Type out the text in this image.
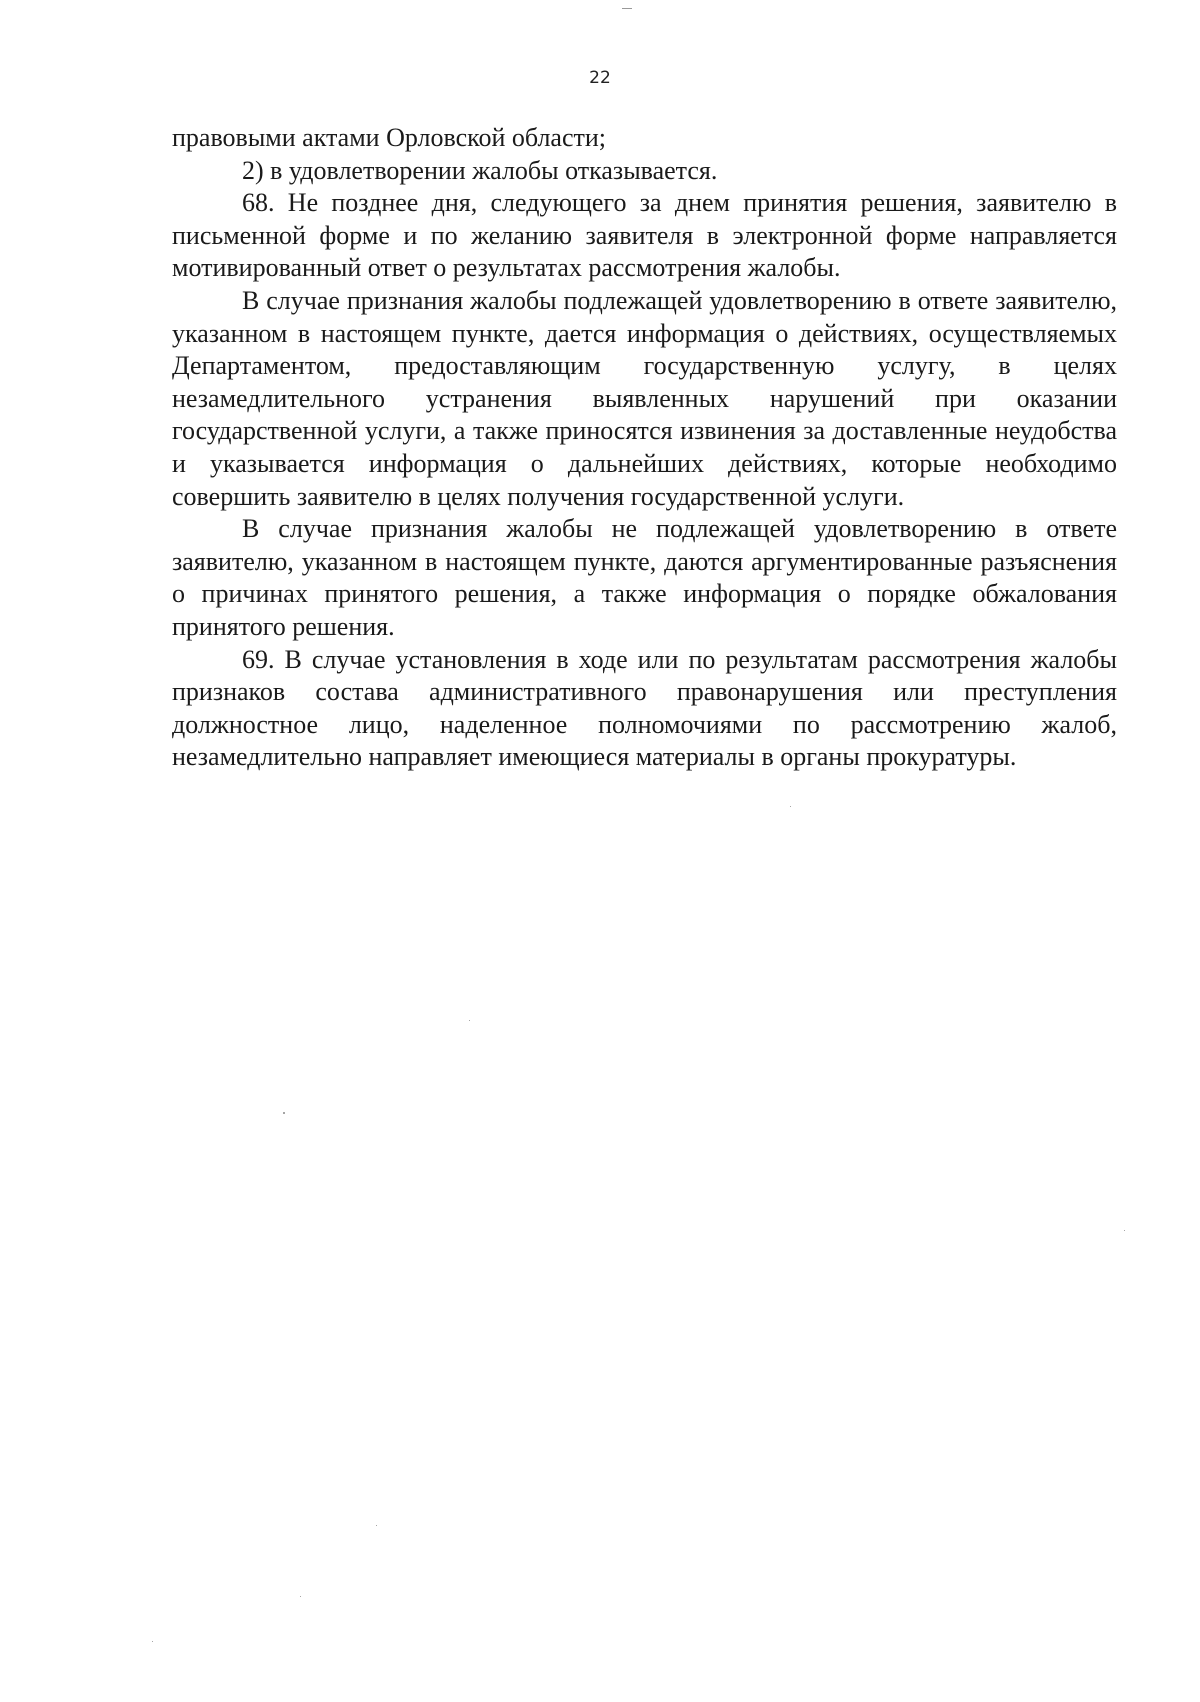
22

правовыми актами Орловской области;

2) в удовлетворении жалобы отказывается.

68. Не позднее дня, следующего за днем принятия решения, заявителю в письменной форме и по желанию заявителя в электронной форме направляется мотивированный ответ о результатах рассмотрения жалобы.

В случае признания жалобы подлежащей удовлетворению в ответе заявителю, указанном в настоящем пункте, дается информация о действиях, осуществляемых Департаментом, предоставляющим государственную услугу, в целях незамедлительного устранения выявленных нарушений при оказании государственной услуги, а также приносятся извинения за доставленные неудобства и указывается информация о дальнейших действиях, которые необходимо совершить заявителю в целях получения государственной услуги.

В случае признания жалобы не подлежащей удовлетворению в ответе заявителю, указанном в настоящем пункте, даются аргументированные разъяснения о причинах принятого решения, а также информация о порядке обжалования принятого решения.

69. В случае установления в ходе или по результатам рассмотрения жалобы признаков состава административного правонарушения или преступления должностное лицо, наделенное полномочиями по рассмотрению жалоб, незамедлительно направляет имеющиеся материалы в органы прокуратуры.
